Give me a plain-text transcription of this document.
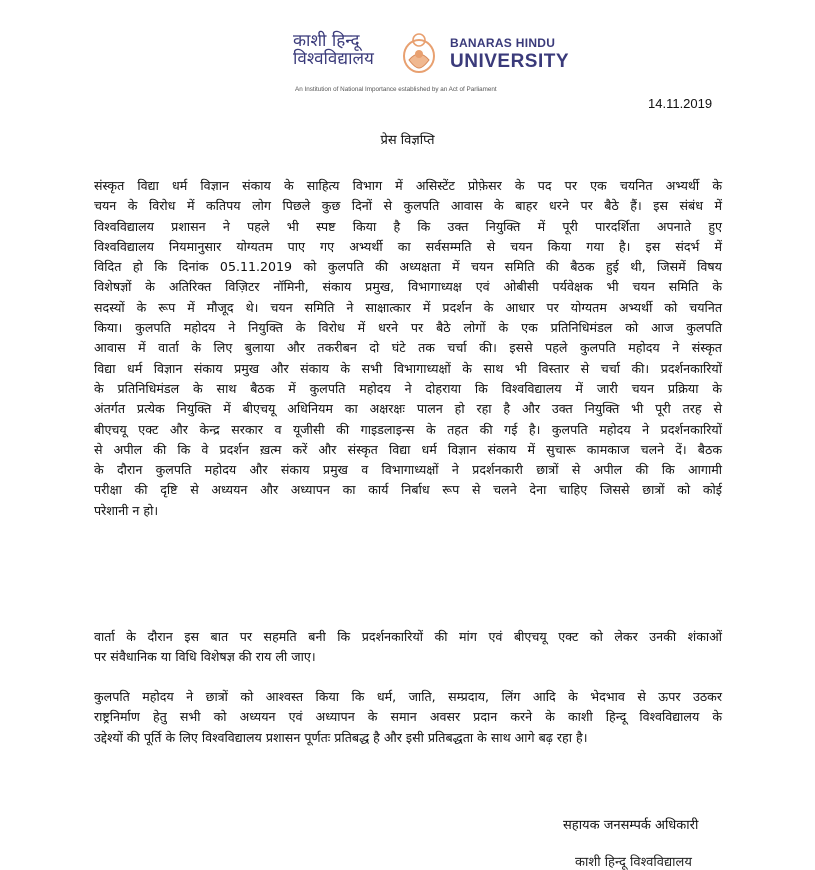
काशी हिन्दू
विश्वविद्यालय
BANARAS HINDU
UNIVERSITY
An Institution of National Importance established by an Act of Parliament
14.11.2019
प्रेस विज्ञप्ति
संस्कृत विद्या धर्म विज्ञान संकाय के साहित्य विभाग में असिस्टेंट प्रोफ़ेसर के पद पर एक चयनित अभ्यर्थी के
चयन के विरोध में कतिपय लोग पिछले कुछ दिनों से कुलपति आवास के बाहर धरने पर बैठे हैं। इस संबंध में
विश्वविद्यालय प्रशासन ने पहले भी स्पष्ट किया है कि उक्त नियुक्ति में पूरी पारदर्शिता अपनाते हुए
विश्वविद्यालय नियमानुसार योग्यतम पाए गए अभ्यर्थी का सर्वसम्मति से चयन किया गया है। इस संदर्भ में
विदित हो कि दिनांक 05.11.2019 को कुलपति की अध्यक्षता में चयन समिति की बैठक हुई थी, जिसमें विषय
विशेषज्ञों के अतिरिक्त विज़िटर नॉमिनी, संकाय प्रमुख, विभागाध्यक्ष एवं ओबीसी पर्यवेक्षक भी चयन समिति के
सदस्यों के रूप में मौजूद थे। चयन समिति ने साक्षात्कार में प्रदर्शन के आधार पर योग्यतम अभ्यर्थी को चयनित
किया। कुलपति महोदय ने नियुक्ति के विरोध में धरने पर बैठे लोगों के एक प्रतिनिधिमंडल को आज कुलपति
आवास में वार्ता के लिए बुलाया और तकरीबन दो घंटे तक चर्चा की। इससे पहले कुलपति महोदय ने संस्कृत
विद्या धर्म विज्ञान संकाय प्रमुख और संकाय के सभी विभागाध्यक्षों के साथ भी विस्तार से चर्चा की। प्रदर्शनकारियों
के प्रतिनिधिमंडल के साथ बैठक में कुलपति महोदय ने दोहराया कि विश्वविद्यालय में जारी चयन प्रक्रिया के
अंतर्गत प्रत्येक नियुक्ति में बीएचयू अधिनियम का अक्षरक्षः पालन हो रहा है और उक्त नियुक्ति भी पूरी तरह से
बीएचयू एक्ट और केन्द्र सरकार व यूजीसी की गाइडलाइन्स के तहत की गई है। कुलपति महोदय ने प्रदर्शनकारियों
से अपील की कि वे प्रदर्शन ख़त्म करें और संस्कृत विद्या धर्म विज्ञान संकाय में सुचारू कामकाज चलने दें। बैठक
के दौरान कुलपति महोदय और संकाय प्रमुख व विभागाध्यक्षों ने प्रदर्शनकारी छात्रों से अपील की कि आगामी
परीक्षा की दृष्टि से अध्ययन और अध्यापन का कार्य निर्बाध रूप से चलने देना चाहिए जिससे छात्रों को कोई
परेशानी न हो।
वार्ता के दौरान इस बात पर सहमति बनी कि प्रदर्शनकारियों की मांग एवं बीएचयू एक्ट को लेकर उनकी शंकाओं
पर संवैधानिक या विधि विशेषज्ञ की राय ली जाए।
कुलपति महोदय ने छात्रों को आश्वस्त किया कि धर्म, जाति, सम्प्रदाय, लिंग आदि के भेदभाव से ऊपर उठकर
राष्ट्रनिर्माण हेतु सभी को अध्ययन एवं अध्यापन के समान अवसर प्रदान करने के काशी हिन्दू विश्वविद्यालय के
उद्देश्यों की पूर्ति के लिए विश्वविद्यालय प्रशासन पूर्णतः प्रतिबद्ध है और इसी प्रतिबद्धता के साथ आगे बढ़ रहा है।
सहायक जनसम्पर्क अधिकारी
काशी हिन्दू विश्वविद्यालय
